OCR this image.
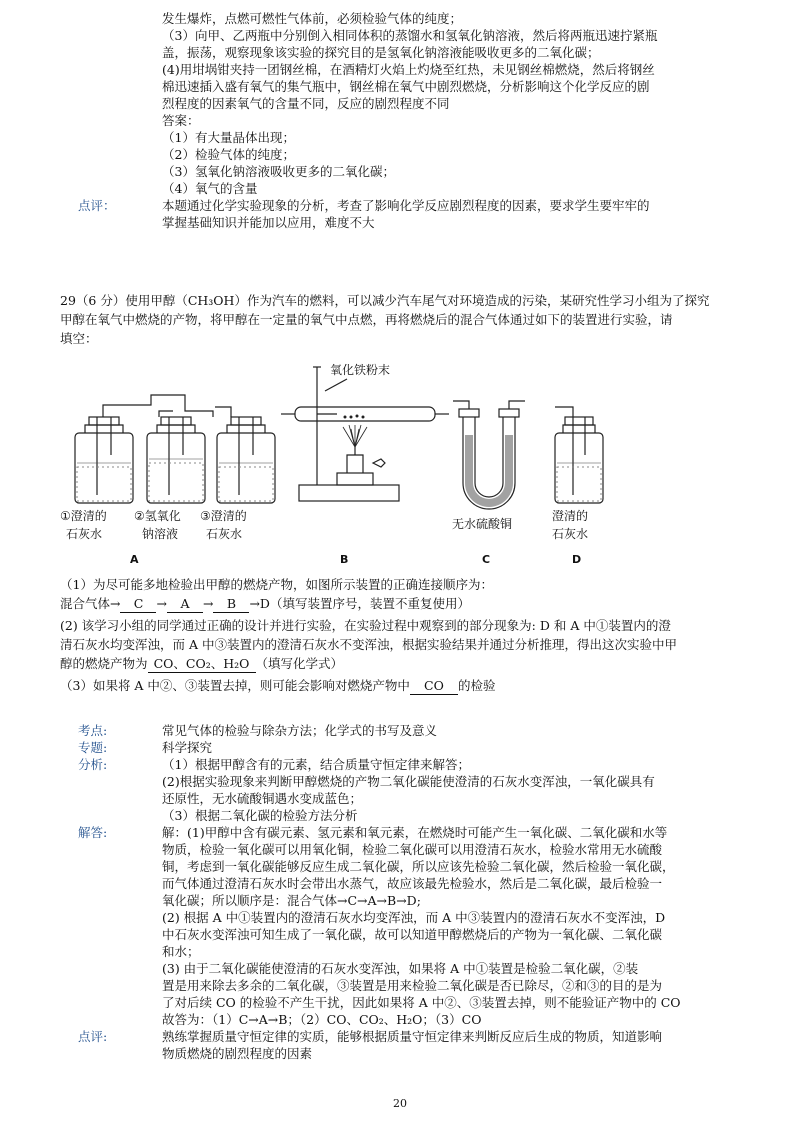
发生爆炸，点燃可燃性气体前，必须检验气体的纯度；
（3）向甲、乙两瓶中分别倒入相同体积的蒸馏水和氢氧化钠溶液，然后将两瓶迅速拧紧瓶
盖，振荡，观察现象该实验的探究目的是氢氧化钠溶液能吸收更多的二氧化碳；
(4)用坩埚钳夹持一团钢丝棉，在酒精灯火焰上灼烧至红热，未见钢丝棉燃烧，然后将钢丝
棉迅速插入盛有氧气的集气瓶中，钢丝棉在氧气中剧烈燃烧，分析影响这个化学反应的剧
烈程度的因素氧气的含量不同，反应的剧烈程度不同
答案：
（1）有大量晶体出现；
（2）检验气体的纯度；
（3）氢氧化钠溶液吸收更多的二氧化碳；
（4）氧气的含量
点评：	本题通过化学实验现象的分析，考查了影响化学反应剧烈程度的因素，要求学生要牢牢的
掌握基础知识并能加以应用，难度不大
29（6 分）使用甲醇（CH₃OH）作为汽车的燃料，可以减少汽车尾气对环境造成的污染，某研究性学习小组为了探究
甲醇在氧气中燃烧的产物，将甲醇在一定量的氧气中点燃，再将燃烧后的混合气体通过如下的装置进行实验，请
填空：
氧化铁粉末
①澄清的
石灰水
②氢氧化
钠溶液
③澄清的
石灰水
无水硫酸铜
澄清的
石灰水
A	B	C	D
（1）为尽可能多地检验出甲醇的燃烧产物，如图所示装置的正确连接顺序为：
混合气体→ C → A → B →D（填写装置序号，装置不重复使用）
(2) 该学习小组的同学通过正确的设计并进行实验，在实验过程中观察到的部分现象为: D 和 A 中①装置内的澄
清石灰水均变浑浊，而 A 中③装置内的澄清石灰水不变浑浊，根据实验结果并通过分析推理，得出这次实验中甲
醇的燃烧产物为 CO、CO₂、H₂O （填写化学式）
（3）如果将 A 中②、③装置去掉，则可能会影响对燃烧产物中 CO 的检验
考点:	常见气体的检验与除杂方法；化学式的书写及意义
专题:	科学探究
分析:	（1）根据甲醇含有的元素，结合质量守恒定律来解答；
(2)根据实验现象来判断甲醇燃烧的产物二氧化碳能使澄清的石灰水变浑浊，一氧化碳具有
还原性，无水硫酸铜遇水变成蓝色；
（3）根据二氧化碳的检验方法分析
解答:	解：(1)甲醇中含有碳元素、氢元素和氧元素，在燃烧时可能产生一氧化碳、二氧化碳和水等
物质，检验一氧化碳可以用氧化铜，检验二氧化碳可以用澄清石灰水，检验水常用无水硫酸
铜，考虑到一氧化碳能够反应生成二氧化碳，所以应该先检验二氧化碳，然后检验一氧化碳，
而气体通过澄清石灰水时会带出水蒸气，故应该最先检验水，然后是二氧化碳，最后检验一
氧化碳；所以顺序是：混合气体→C→A→B→D;
(2) 根据 A 中①装置内的澄清石灰水均变浑浊，而 A 中③装置内的澄清石灰水不变浑浊，D
中石灰水变浑浊可知生成了一氧化碳，故可以知道甲醇燃烧后的产物为一氧化碳、二氧化碳
和水；
(3) 由于二氧化碳能使澄清的石灰水变浑浊，如果将 A 中①装置是检验二氧化碳，②装
置是用来除去多余的二氧化碳，③装置是用来检验二氧化碳是否已除尽，②和③的目的是为
了对后续 CO 的检验不产生干扰，因此如果将 A 中②、③装置去掉，则不能验证产物中的 CO
故答为：（1）C→A→B；（2）CO、CO₂、H₂O；（3）CO
点评:	熟练掌握质量守恒定律的实质，能够根据质量守恒定律来判断反应后生成的物质，知道影响
物质燃烧的剧烈程度的因素
20
